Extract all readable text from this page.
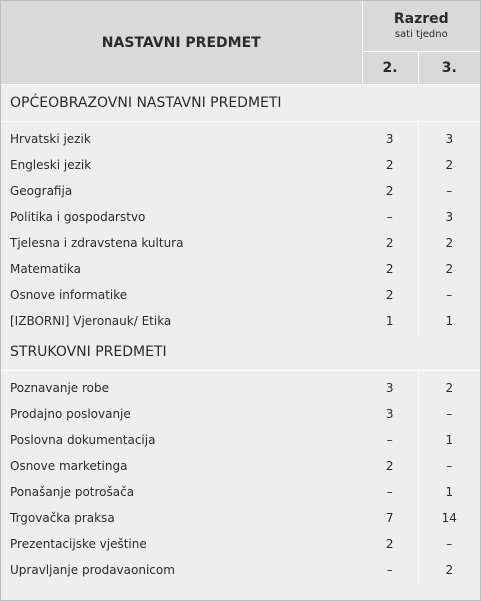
NASTAVNI PREDMET	Razred
sati tjedno	

	2.	3.
OPĆEOBRAZOVNI NASTAVNI PREDMETI		

Hrvatski jezik	3	3
Engleski jezik	2	2
Geografija	2	–
Politika i gospodarstvo	–	3
Tjelesna i zdravstena kultura	2	2
Matematika	2	2
Osnove informatike	2	–
[IZBORNI] Vjeronauk/ Etika	1	1
STRUKOVNI PREDMETI		

Poznavanje robe	3	2
Prodajno poslovanje	3	–
Poslovna dokumentacija	–	1
Osnove marketinga	2	–
Ponašanje potrošača	–	1
Trgovačka praksa	7	14
Prezentacijske vještine	2	–
Upravljanje prodavaonicom	–	2
